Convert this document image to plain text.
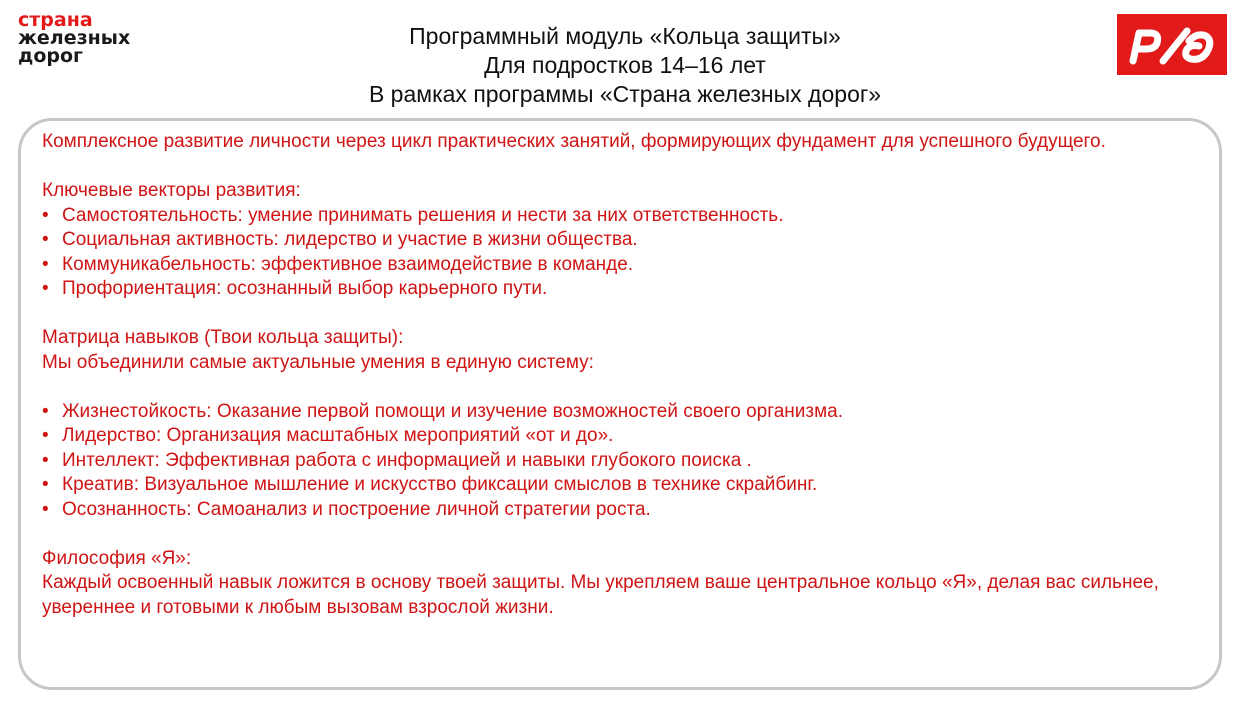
страна
железных
дорог
Программный модуль «Кольца защиты»
Для подростков 14–16 лет
В рамках программы «Страна железных дорог»

Комплексное развитие личности через цикл практических занятий, формирующих фундамент для успешного будущего.

Ключевые векторы развития:

• Самостоятельность: умение принимать решения и нести за них ответственность.

• Социальная активность: лидерство и участие в жизни общества.

• Коммуникабельность: эффективное взаимодействие в команде.

• Профориентация: осознанный выбор карьерного пути.

Матрица навыков (Твои кольца защиты):

Мы объединили самые актуальные умения в единую систему:

• Жизнестойкость: Оказание первой помощи и изучение возможностей своего организма.

• Лидерство: Организация масштабных мероприятий «от и до».

• Интеллект: Эффективная работа с информацией и навыки глубокого поиска .

• Креатив: Визуальное мышление и искусство фиксации смыслов в технике скрайбинг.

• Осознанность: Самоанализ и построение личной стратегии роста.

Философия «Я»:

Каждый освоенный навык ложится в основу твоей защиты. Мы укрепляем ваше центральное кольцо «Я», делая вас сильнее, увереннее и готовыми к любым вызовам взрослой жизни.
